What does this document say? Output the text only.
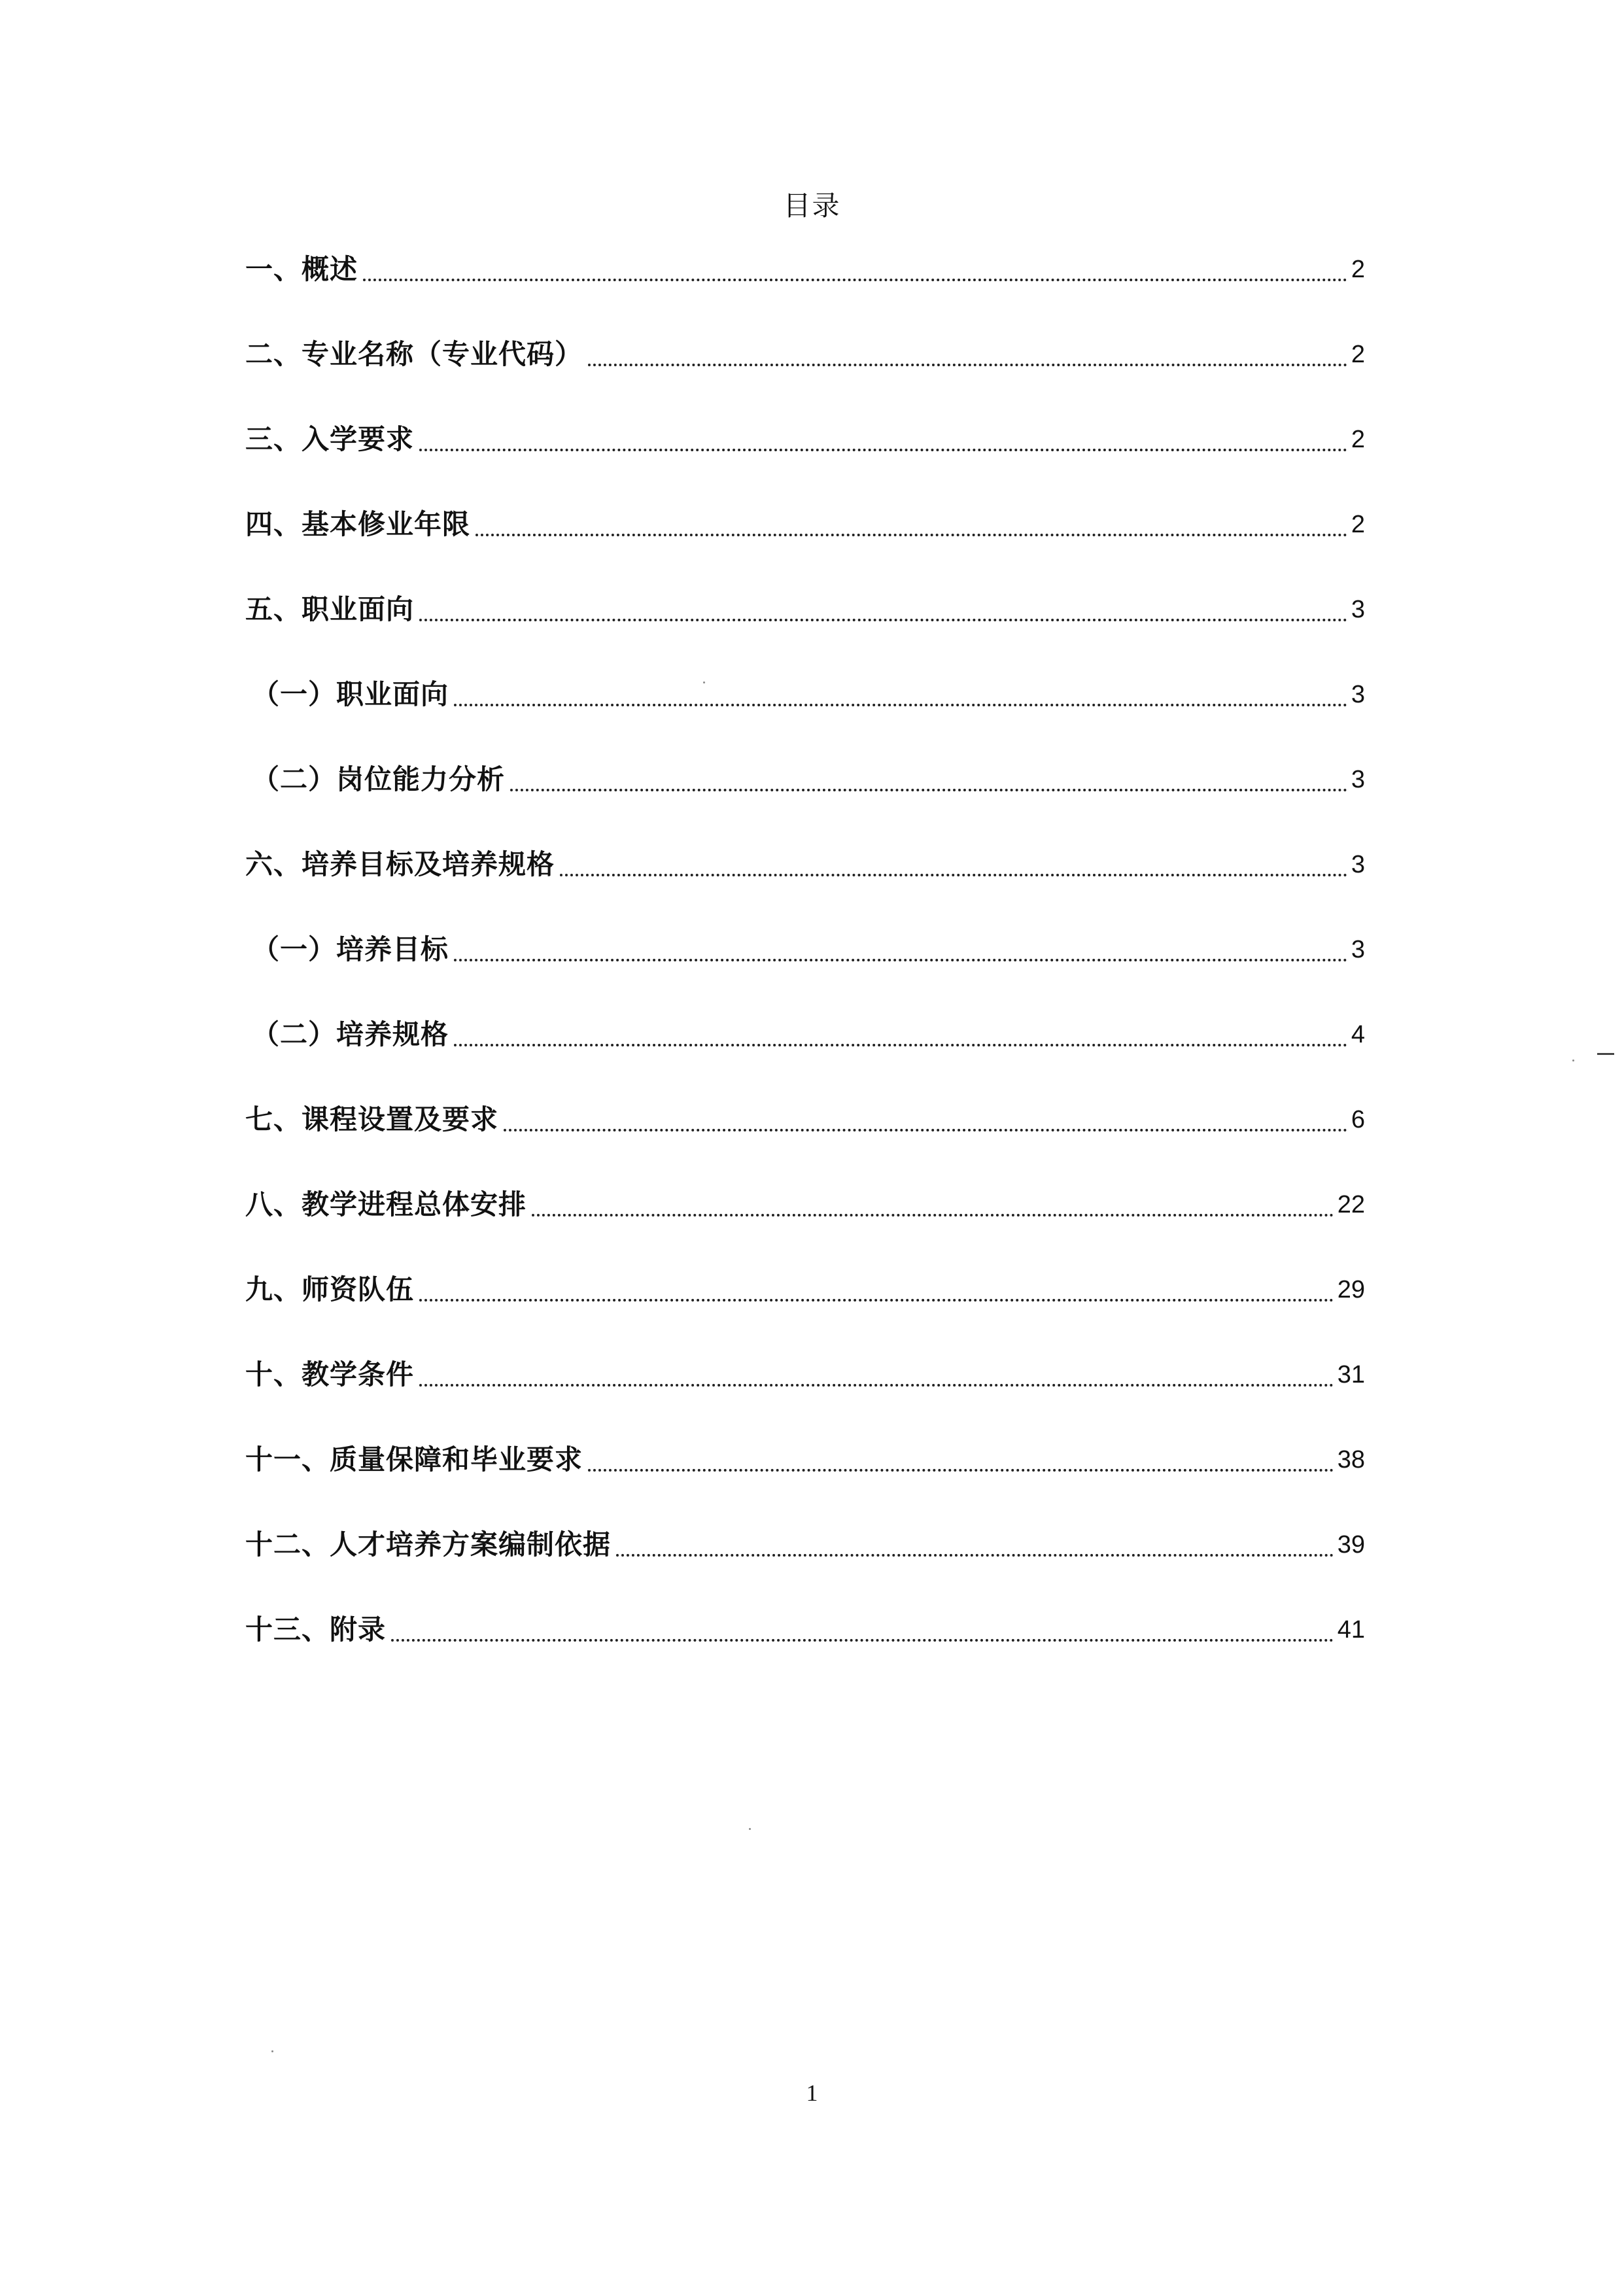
目录
一、概述	2
二、专业名称（专业代码）	2
三、入学要求	2
四、基本修业年限	2
五、职业面向	3
（一）职业面向	3
（二）岗位能力分析	3
六、培养目标及培养规格	3
（一）培养目标	3
（二）培养规格	4
七、课程设置及要求	6
八、教学进程总体安排	22
九、师资队伍	29
十、教学条件	31
十一、质量保障和毕业要求	38
十二、人才培养方案编制依据	39
十三、附录	41
1
